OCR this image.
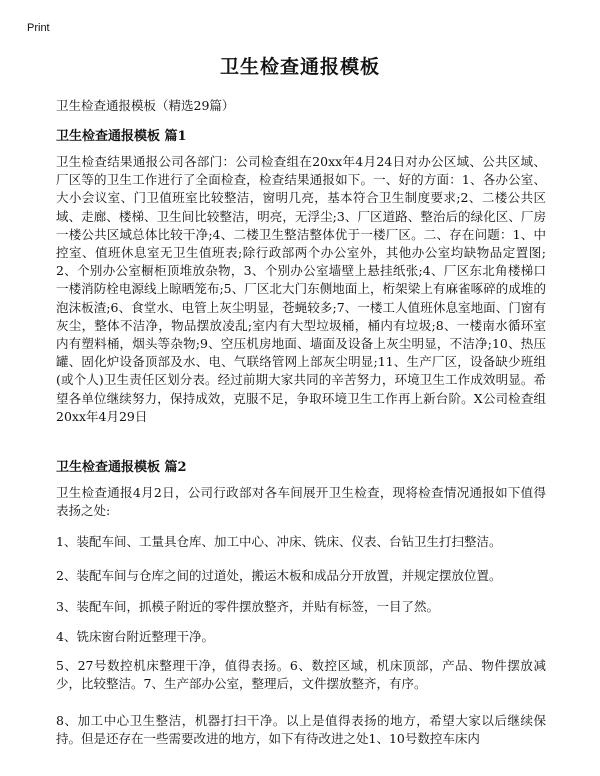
Print
卫生检查通报模板
卫生检查通报模板（精选29篇）
卫生检查通报模板 篇1
卫生检查结果通报公司各部门：公司检查组在20xx年4月24日对办公区域、公共区域、厂区等的卫生工作进行了全面检查，检查结果通报如下。一、好的方面：1、各办公室、大小会议室、门卫值班室比较整洁，窗明几亮，基本符合卫生制度要求;2、二楼公共区域、走廊、楼梯、卫生间比较整洁，明亮，无浮尘;3、厂区道路、整治后的绿化区、厂房一楼公共区域总体比较干净;4、二楼卫生整洁整体优于一楼厂区。二、存在问题：1、中控室、值班休息室无卫生值班表;除行政部两个办公室外，其他办公室均缺物品定置图;2、个别办公室橱柜顶堆放杂物，3、个别办公室墙壁上悬挂纸张;4、厂区东北角楼梯口一楼消防栓电源线上晾晒笼布;5、厂区北大门东侧地面上，桁架梁上有麻雀啄碎的成堆的泡沫板渣;6、食堂水、电管上灰尘明显，苍蝇较多;7、一楼工人值班休息室地面、门窗有灰尘，整体不洁净，物品摆放凌乱;室内有大型垃圾桶，桶内有垃圾;8、一楼南水循环室内有塑料桶，烟头等杂物;9、空压机房地面、墙面及设备上灰尘明显，不洁净;10、热压罐、固化炉设备顶部及水、电、气联络管网上部灰尘明显;11、生产厂区，设备缺少班组(或个人)卫生责任区划分表。经过前期大家共同的辛苦努力，环境卫生工作成效明显。希望各单位继续努力，保持成效，克服不足，争取环境卫生工作再上新台阶。X公司检查组20xx年4月29日
卫生检查通报模板 篇2
卫生检查通报4月2日，公司行政部对各车间展开卫生检查，现将检查情况通报如下值得表扬之处:
1、装配车间、工量具仓库、加工中心、冲床、铣床、仪表、台钻卫生打扫整洁。
2、装配车间与仓库之间的过道处，搬运木板和成品分开放置，并规定摆放位置。
3、装配车间，抓模子附近的零件摆放整齐，并贴有标签，一目了然。
4、铣床窗台附近整理干净。
5、27号数控机床整理干净，值得表扬。6、数控区域，机床顶部，产品、物件摆放减少，比较整洁。7、生产部办公室，整理后，文件摆放整齐，有序。
8、加工中心卫生整洁，机器打扫干净。以上是值得表扬的地方，希望大家以后继续保持。但是还存在一些需要改进的地方，如下有待改进之处1、10号数控车床内
